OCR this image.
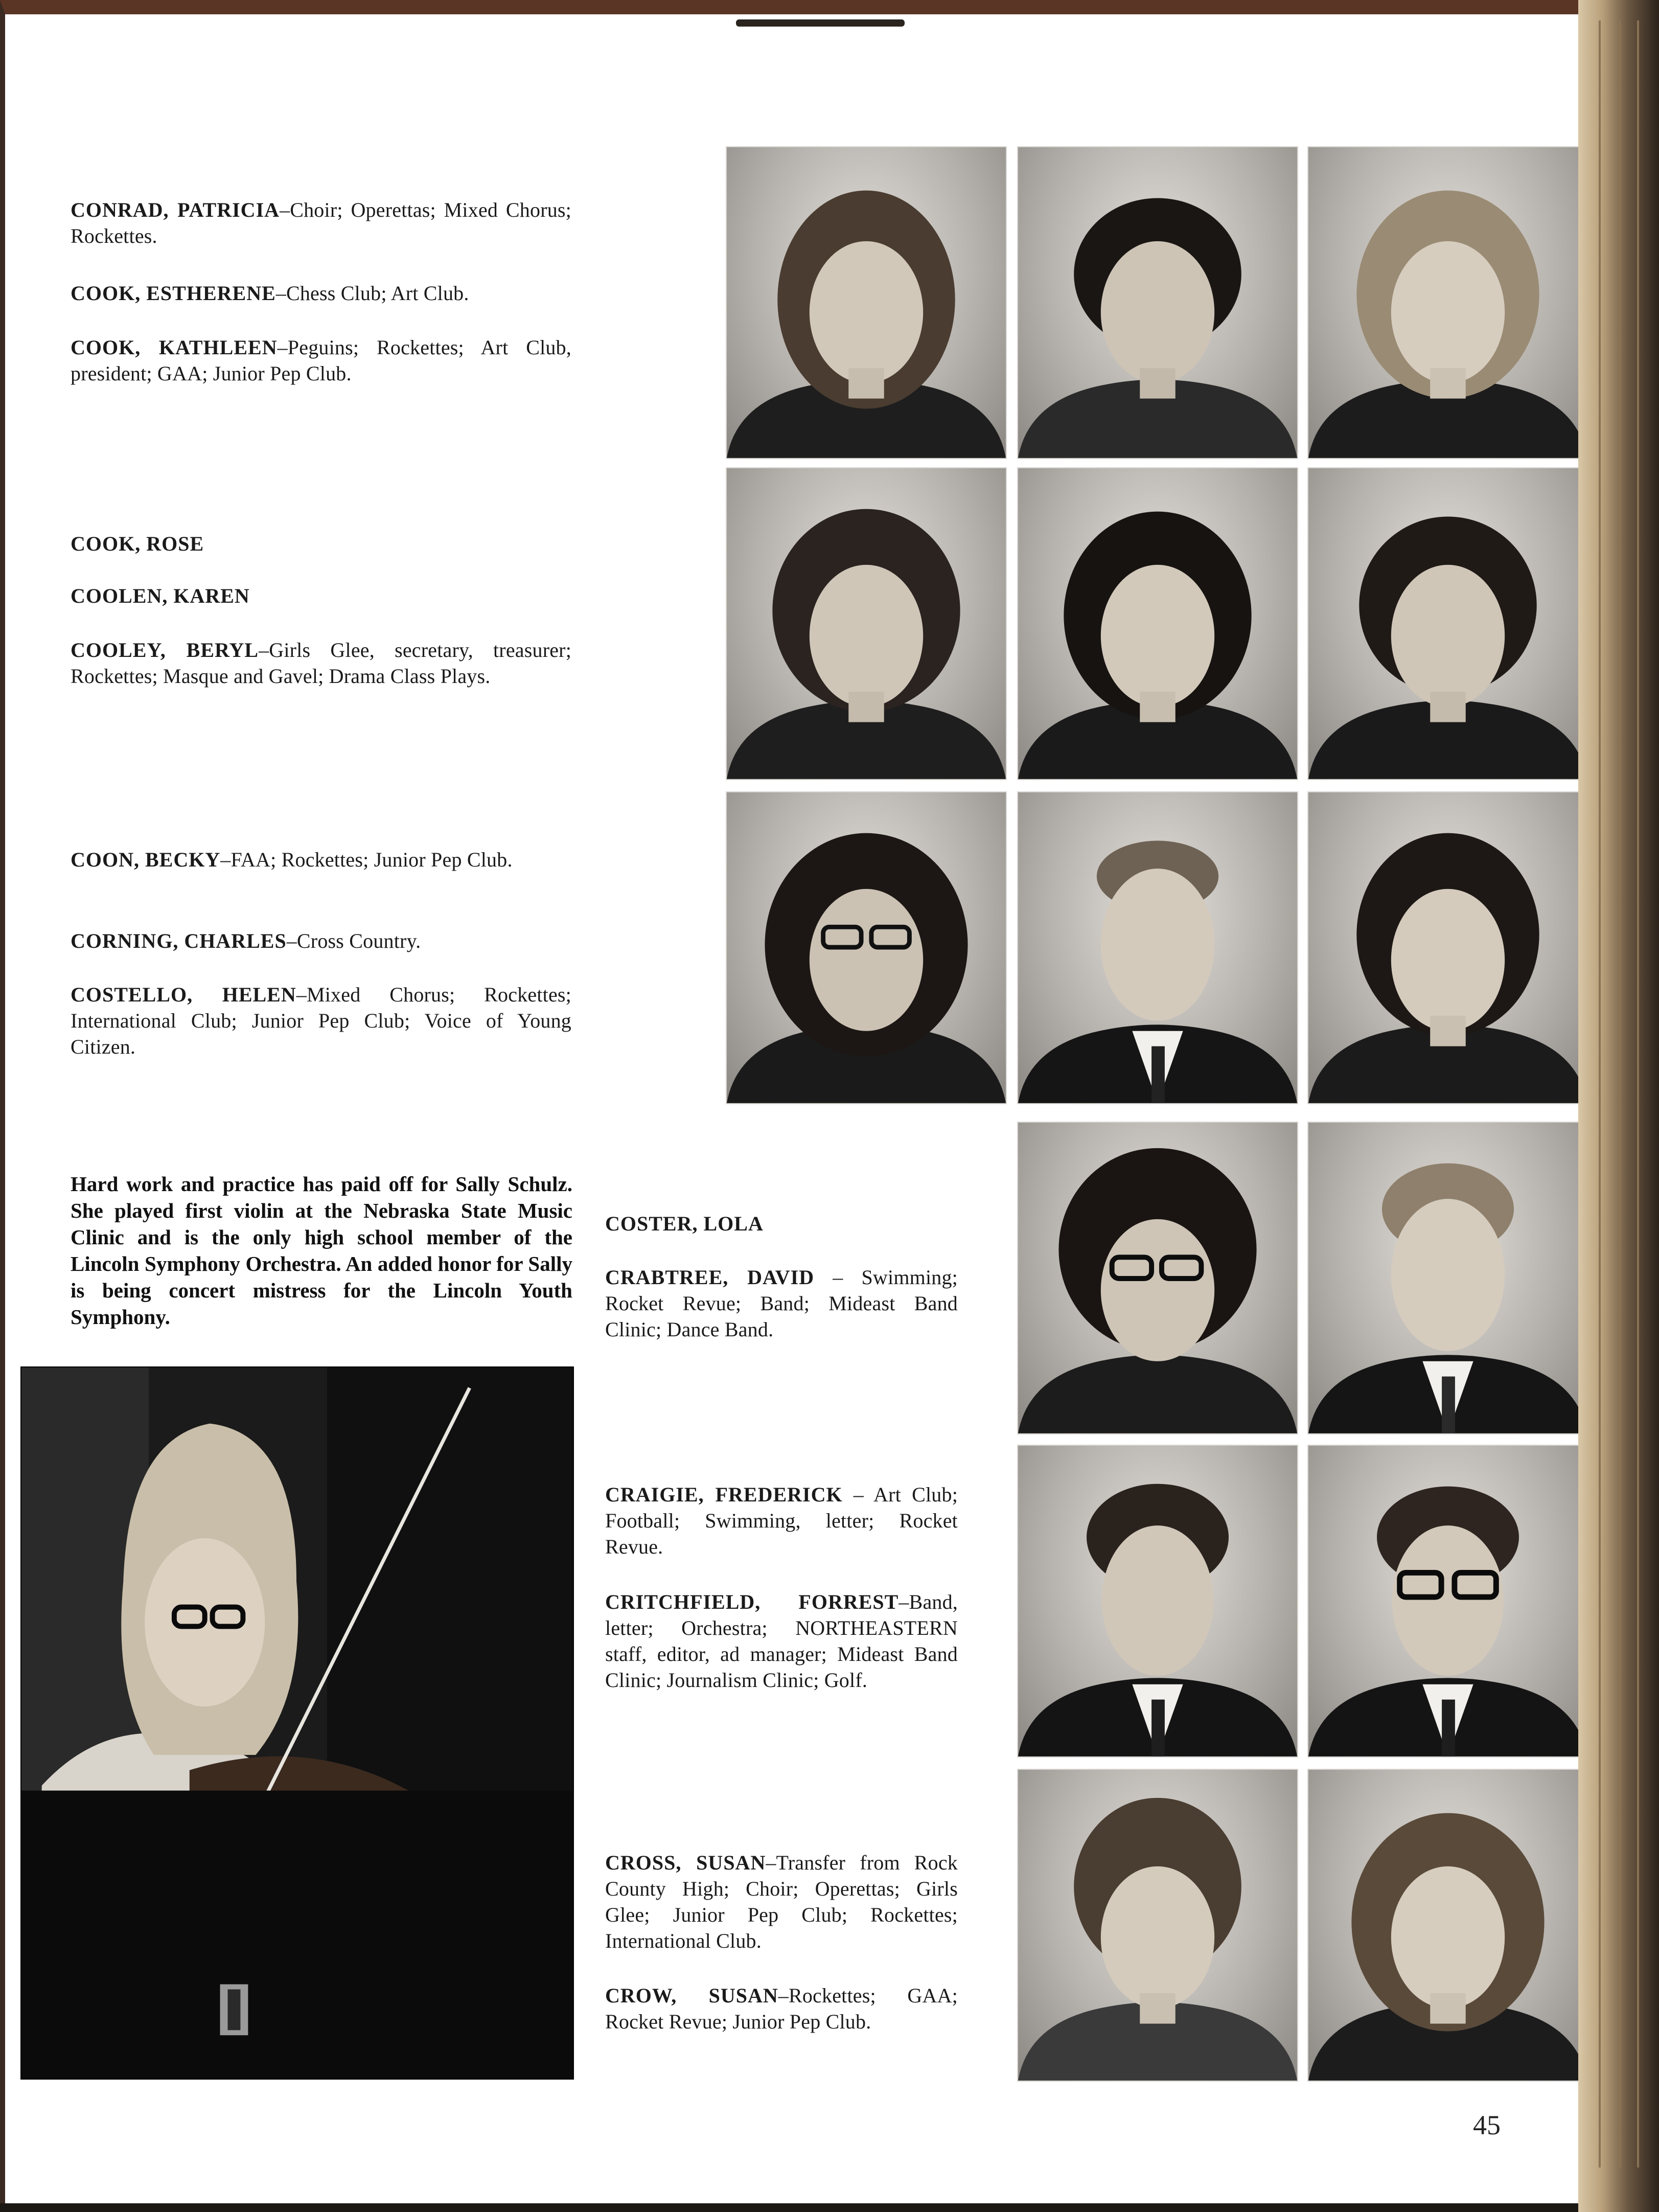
CONRAD, PATRICIA–Choir; Operettas; Mixed Chorus; Rockettes.

COOK, ESTHERENE–Chess Club; Art Club.

COOK, KATHLEEN–Peguins; Rockettes; Art Club, president; GAA; Junior Pep Club.

COOK, ROSE

COOLEN, KAREN

COOLEY, BERYL–Girls Glee, secretary, treasurer; Rockettes; Masque and Gavel; Drama Class Plays.

COON, BECKY–FAA; Rockettes; Junior Pep Club.

CORNING, CHARLES–Cross Country.

COSTELLO, HELEN–Mixed Chorus; Rockettes; International Club; Junior Pep Club; Voice of Young Citizen.

COSTER, LOLA

CRABTREE, DAVID – Swimming; Rocket Revue; Band; Mideast Band Clinic; Dance Band.

CRAIGIE, FREDERICK – Art Club; Football; Swimming, letter; Rocket Revue.

CRITCHFIELD, FORREST–Band, letter; Orchestra; NORTHEASTERN staff, editor, ad manager; Mideast Band Clinic; Journalism Clinic; Golf.

CROSS, SUSAN–Transfer from Rock County High; Choir; Operettas; Girls Glee; Junior Pep Club; Rockettes; International Club.

CROW, SUSAN–Rockettes; GAA; Rocket Revue; Junior Pep Club.

Hard work and practice has paid off for Sally Schulz. She played first violin at the Nebraska State Music Clinic and is the only high school member of the Lincoln Symphony Orchestra. An added honor for Sally is being concert mistress for the Lincoln Youth Symphony.

45
